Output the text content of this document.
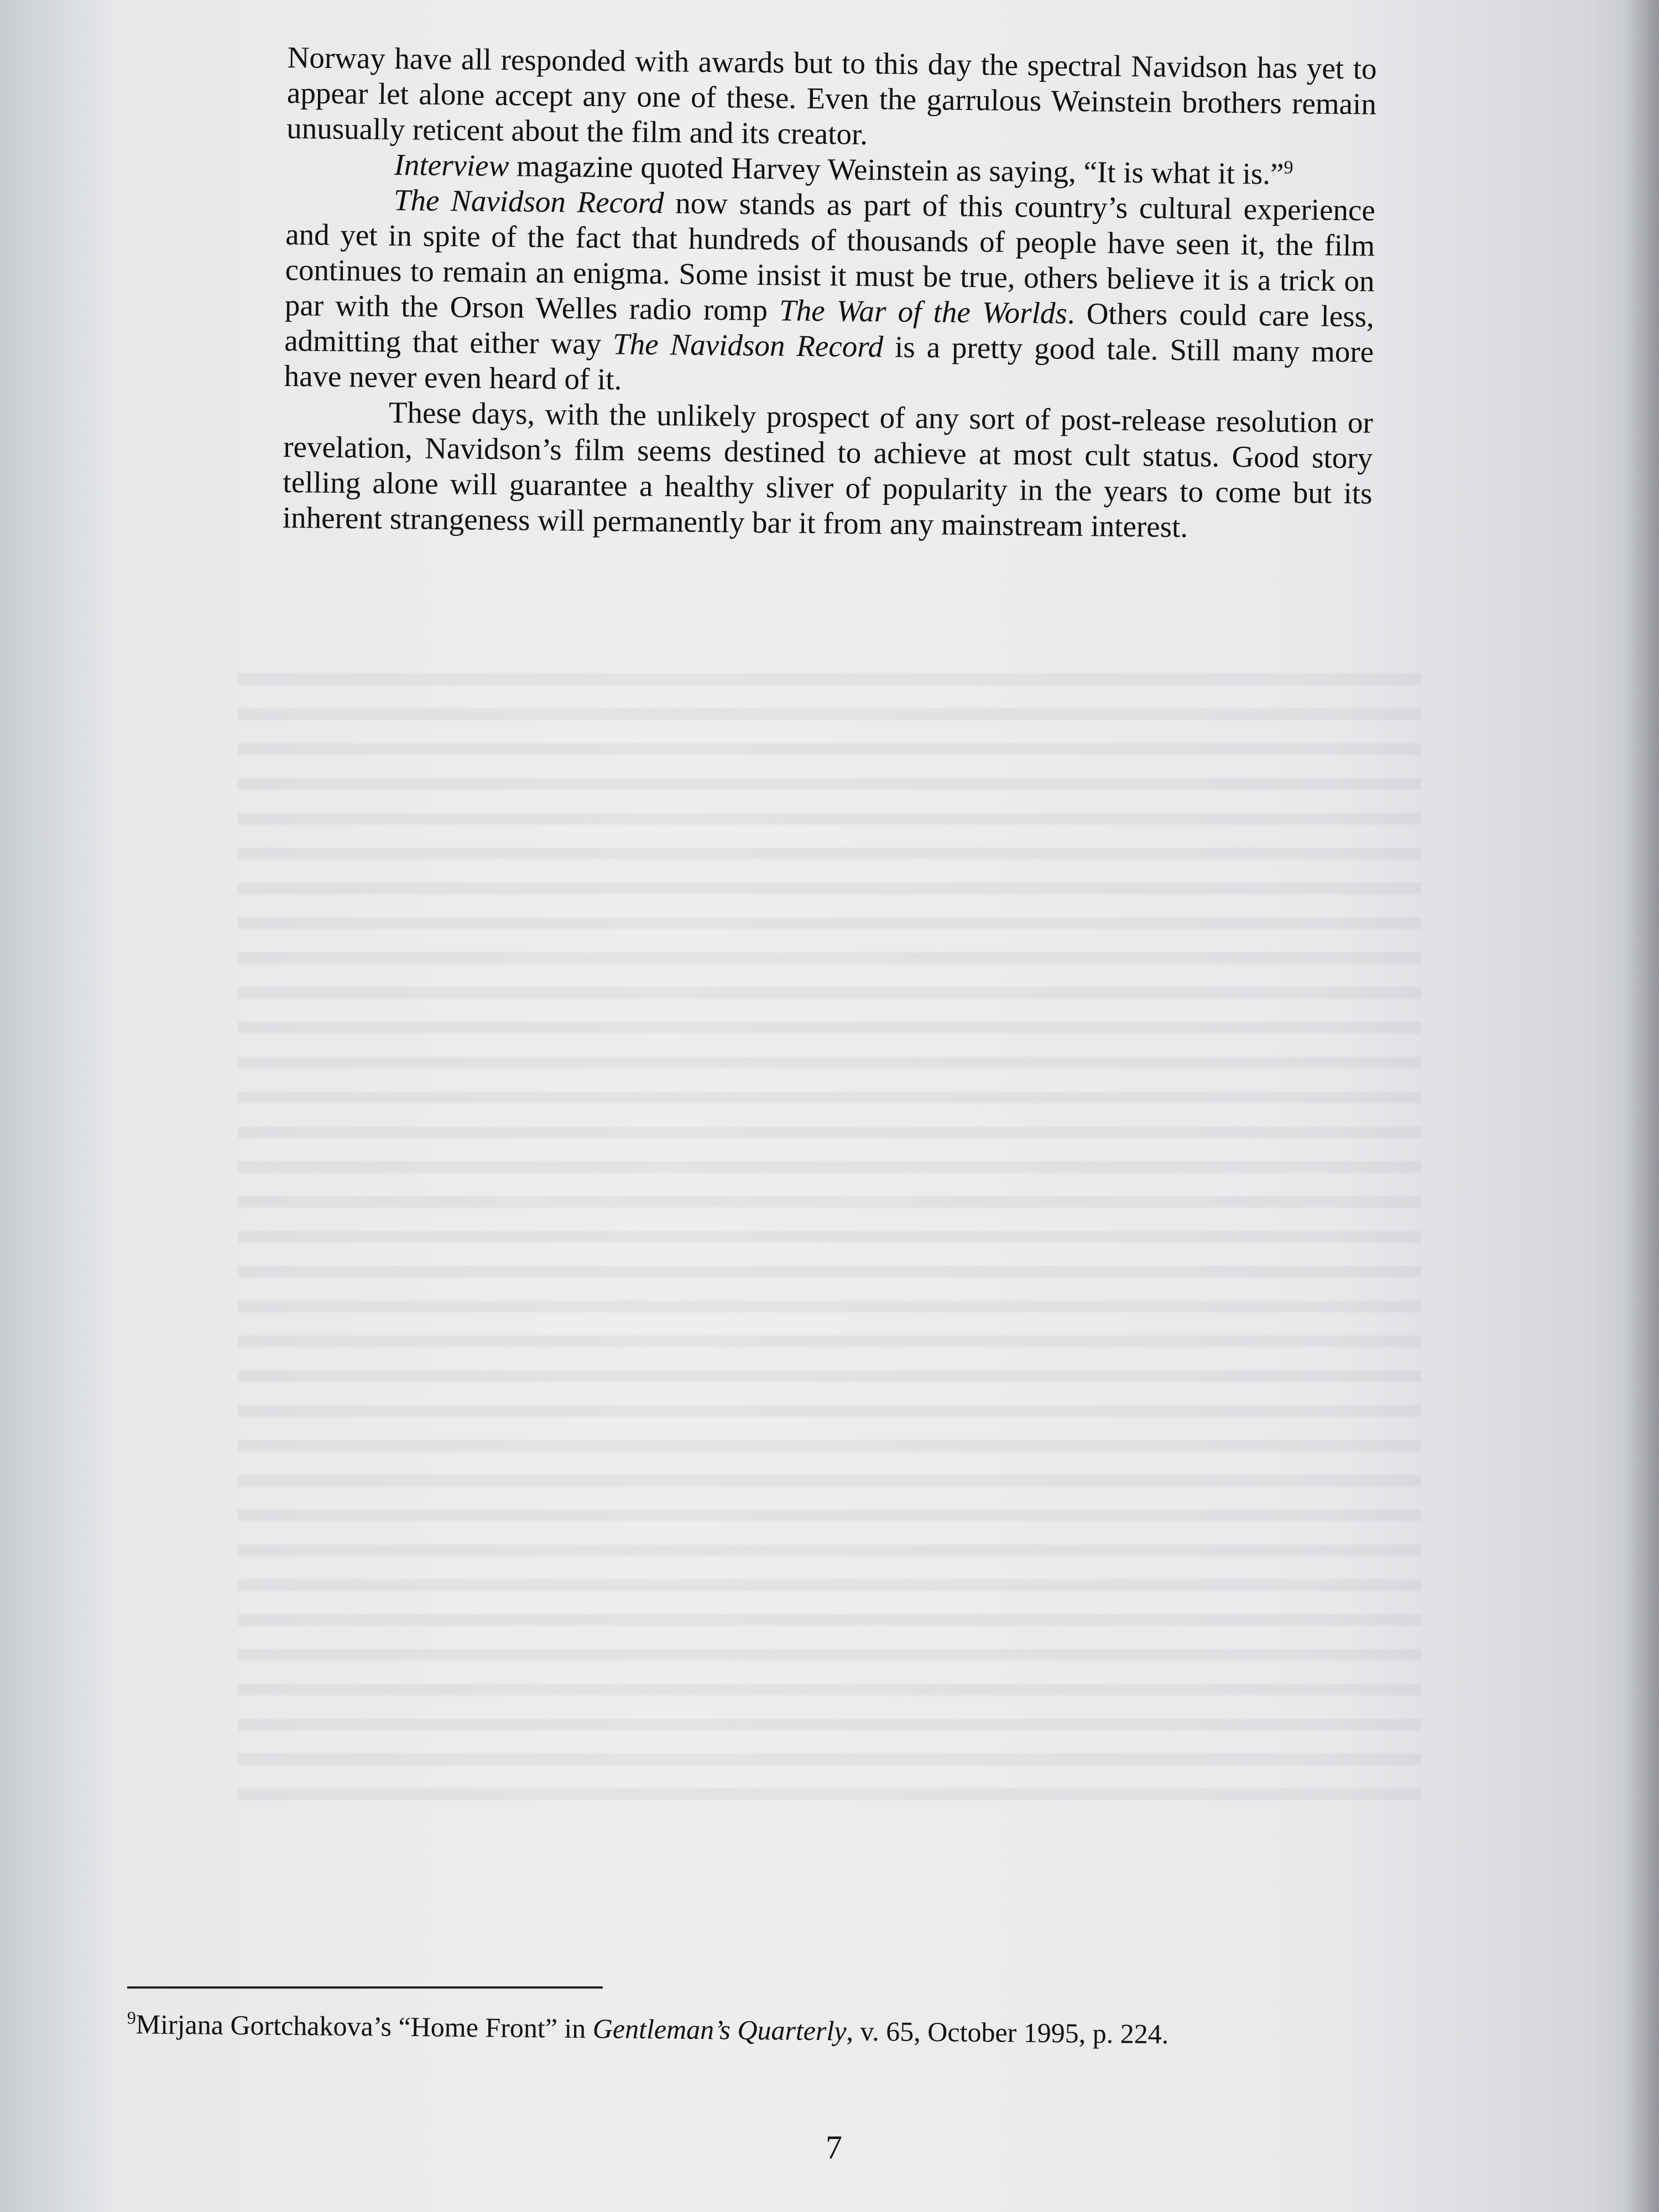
Norway have all responded with awards but to this day the spectral Navidson has yet to appear let alone accept any one of these. Even the garrulous Weinstein brothers remain unusually reticent about the film and its creator.

Interview magazine quoted Harvey Weinstein as saying, “It is what it is.”$^9$

The Navidson Record now stands as part of this country’s cultural experience and yet in spite of the fact that hundreds of thousands of people have seen it, the film continues to remain an enigma. Some insist it must be true, others believe it is a trick on par with the Orson Welles radio romp The War of the Worlds. Others could care less, admitting that either way The Navidson Record is a pretty good tale. Still many more have never even heard of it.

These days, with the unlikely prospect of any sort of post-release resolution or revelation, Navidson’s film seems destined to achieve at most cult status. Good story telling alone will guarantee a healthy sliver of popularity in the years to come but its inherent strangeness will permanently bar it from any mainstream interest.

$^9$Mirjana Gortchakova’s “Home Front” in Gentleman’s Quarterly, v. 65, October 1995, p. 224.
7
